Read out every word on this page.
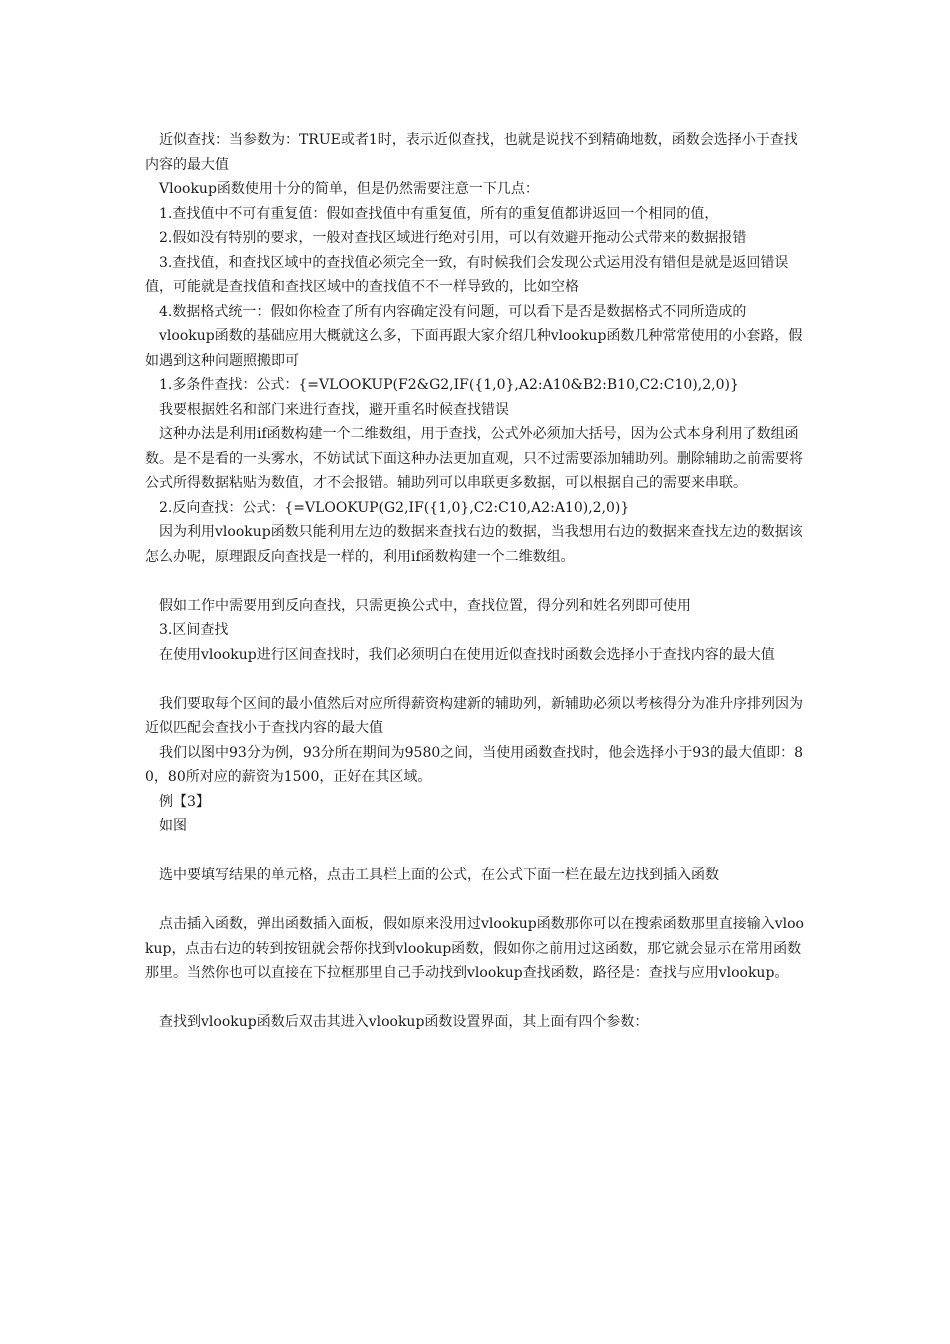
近似查找：当参数为：TRUE或者1时，表示近似查找，也就是说找不到精确地数，函数会选择小于查找内容的最大值

Vlookup函数使用十分的简单，但是仍然需要注意一下几点：

1.查找值中不可有重复值：假如查找值中有重复值，所有的重复值都讲返回一个相同的值，

2.假如没有特别的要求，一般对查找区域进行绝对引用，可以有效避开拖动公式带来的数据报错

3.查找值，和查找区域中的查找值必须完全一致，有时候我们会发现公式运用没有错但是就是返回错误值，可能就是查找值和查找区域中的查找值不不一样导致的，比如空格

4.数据格式统一：假如你检查了所有内容确定没有问题，可以看下是否是数据格式不同所造成的

vlookup函数的基础应用大概就这么多，下面再跟大家介绍几种vlookup函数几种常常使用的小套路，假如遇到这种问题照搬即可

1.多条件查找：公式：{=VLOOKUP(F2&G2,IF({1,0},A2:A10&B2:B10,C2:C10),2,0)}

我要根据姓名和部门来进行查找，避开重名时候查找错误

这种办法是利用if函数构建一个二维数组，用于查找，公式外必须加大括号，因为公式本身利用了数组函数。是不是看的一头雾水，不妨试试下面这种办法更加直观，只不过需要添加辅助列。删除辅助之前需要将公式所得数据粘贴为数值，才不会报错。辅助列可以串联更多数据，可以根据自己的需要来串联。

2.反向查找：公式：{=VLOOKUP(G2,IF({1,0},C2:C10,A2:A10),2,0)}

因为利用vlookup函数只能利用左边的数据来查找右边的数据，当我想用右边的数据来查找左边的数据该怎么办呢，原理跟反向查找是一样的，利用if函数构建一个二维数组。

假如工作中需要用到反向查找，只需更换公式中，查找位置，得分列和姓名列即可使用

3.区间查找

在使用vlookup进行区间查找时，我们必须明白在使用近似查找时函数会选择小于查找内容的最大值

我们要取每个区间的最小值然后对应所得薪资构建新的辅助列，新辅助必须以考核得分为准升序排列因为近似匹配会查找小于查找内容的最大值

我们以图中93分为例，93分所在期间为9580之间，当使用函数查找时，他会选择小于93的最大值即：80，80所对应的薪资为1500，正好在其区域。

例【3】

如图

选中要填写结果的单元格，点击工具栏上面的公式，在公式下面一栏在最左边找到插入函数

点击插入函数，弹出函数插入面板，假如原来没用过vlookup函数那你可以在搜索函数那里直接输入vlookup，点击右边的转到按钮就会帮你找到vlookup函数，假如你之前用过这函数，那它就会显示在常用函数那里。当然你也可以直接在下拉框那里自己手动找到vlookup查找函数，路径是：查找与应用vlookup。

查找到vlookup函数后双击其进入vlookup函数设置界面，其上面有四个参数：
